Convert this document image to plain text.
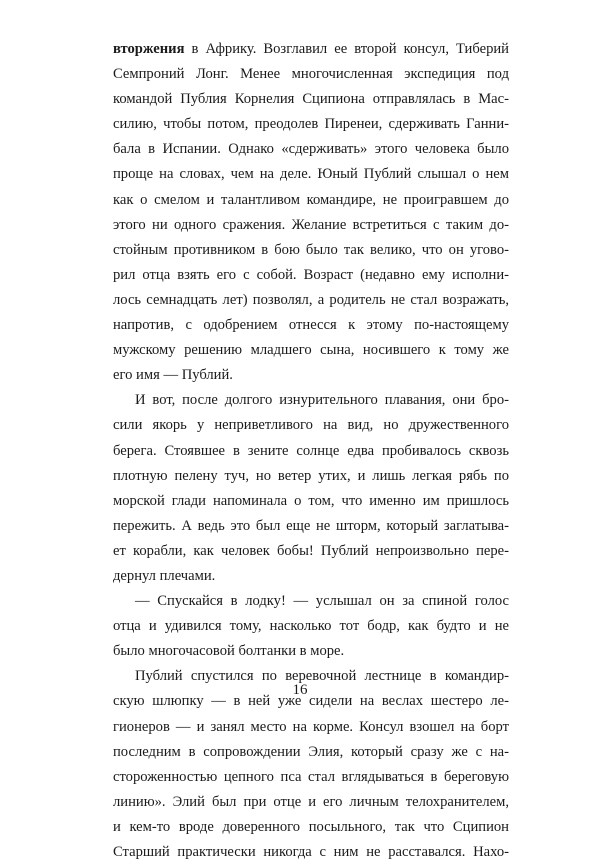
вторжения в Африку. Возглавил ее второй консул, Тиберий
Семпроний Лонг. Менее многочисленная экспедиция под
командой Публия Корнелия Сципиона отправлялась в Мас-
силию, чтобы потом, преодолев Пиренеи, сдерживать Ганни-
бала в Испании. Однако «сдерживать» этого человека было
проще на словах, чем на деле. Юный Публий слышал о нем
как о смелом и талантливом командире, не проигравшем до
этого ни одного сражения. Желание встретиться с таким до-
стойным противником в бою было так велико, что он угово-
рил отца взять его с собой. Возраст (недавно ему исполни-
лось семнадцать лет) позволял, а родитель не стал возражать,
напротив, с одобрением отнесся к этому по-настоящему
мужскому решению младшего сына, носившего к тому же
его имя — Публий.
И вот, после долгого изнурительного плавания, они бро-
сили якорь у неприветливого на вид, но дружественного
берега. Стоявшее в зените солнце едва пробивалось сквозь
плотную пелену туч, но ветер утих, и лишь легкая рябь по
морской глади напоминала о том, что именно им пришлось
пережить. А ведь это был еще не шторм, который заглатыва-
ет корабли, как человек бобы! Публий непроизвольно пере-
дернул плечами.
— Спускайся в лодку! — услышал он за спиной голос
отца и удивился тому, насколько тот бодр, как будто и не
было многочасовой болтанки в море.
Публий спустился по веревочной лестнице в командир-
скую шлюпку — в ней уже сидели на веслах шестеро ле-
гионеров — и занял место на корме. Консул взошел на борт
последним в сопровождении Элия, который сразу же с на-
стороженностью цепного пса стал вглядываться в береговую
линию». Элий был при отце и его личным телохранителем,
и кем-то вроде доверенного посыльного, так что Сципион
Старший практически никогда с ним не расставался. Нахо-
16
